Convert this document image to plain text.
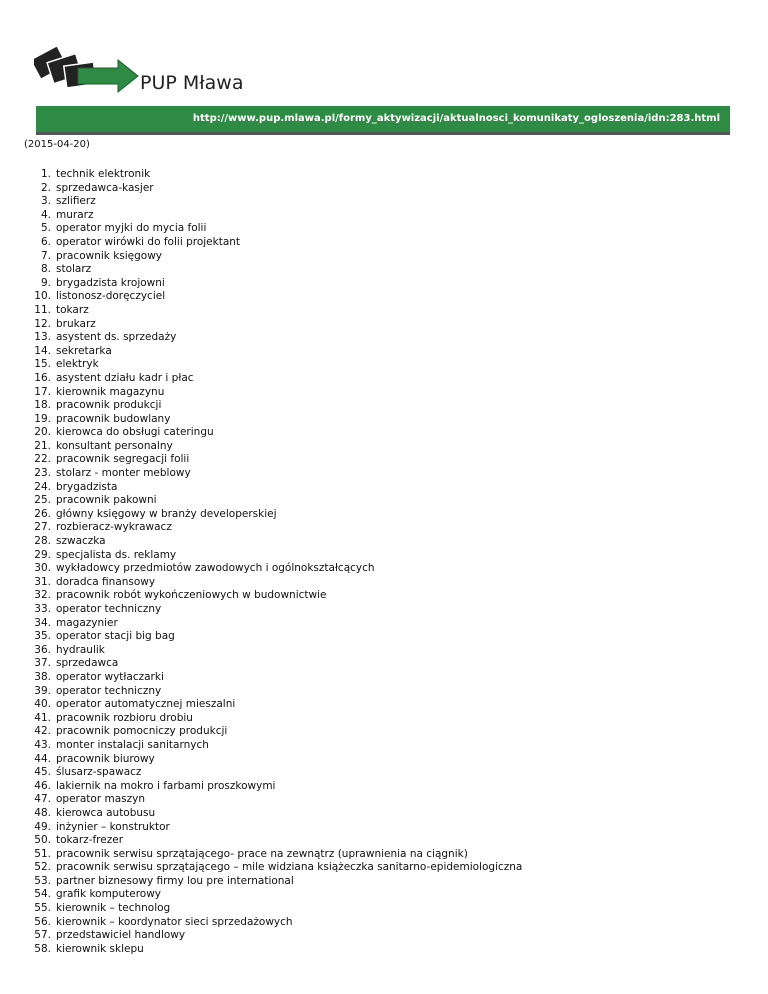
PUP Mława
http://www.pup.mlawa.pl/formy_aktywizacji/aktualnosci_komunikaty_ogloszenia/idn:283.html
(2015-04-20)
1. technik elektronik
2. sprzedawca-kasjer
3. szlifierz
4. murarz
5. operator myjki do mycia folii
6. operator wirówki do folii projektant
7. pracownik księgowy
8. stolarz
9. brygadzista krojowni
10. listonosz-doręczyciel
11. tokarz
12. brukarz
13. asystent ds. sprzedaży
14. sekretarka
15. elektryk
16. asystent działu kadr i płac
17. kierownik magazynu
18. pracownik produkcji
19. pracownik budowlany
20. kierowca do obsługi cateringu
21. konsultant personalny
22. pracownik segregacji folii
23. stolarz - monter meblowy
24. brygadzista
25. pracownik pakowni
26. główny księgowy w branży developerskiej
27. rozbieracz-wykrawacz
28. szwaczka
29. specjalista ds. reklamy
30. wykładowcy przedmiotów zawodowych i ogólnokształcących
31. doradca finansowy
32. pracownik robót wykończeniowych w budownictwie
33. operator techniczny
34. magazynier
35. operator stacji big bag
36. hydraulik
37. sprzedawca
38. operator wytłaczarki
39. operator techniczny
40. operator automatycznej mieszalni
41. pracownik rozbioru drobiu
42. pracownik pomocniczy produkcji
43. monter instalacji sanitarnych
44. pracownik biurowy
45. ślusarz-spawacz
46. lakiernik na mokro i farbami proszkowymi
47. operator maszyn
48. kierowca autobusu
49. inżynier – konstruktor
50. tokarz-frezer
51. pracownik serwisu sprzątającego- prace na zewnątrz (uprawnienia na ciągnik)
52. pracownik serwisu sprzątającego – mile widziana książeczka sanitarno-epidemiologiczna
53. partner biznesowy firmy lou pre international
54. grafik komputerowy
55. kierownik – technolog
56. kierownik – koordynator sieci sprzedażowych
57. przedstawiciel handlowy
58. kierownik sklepu
